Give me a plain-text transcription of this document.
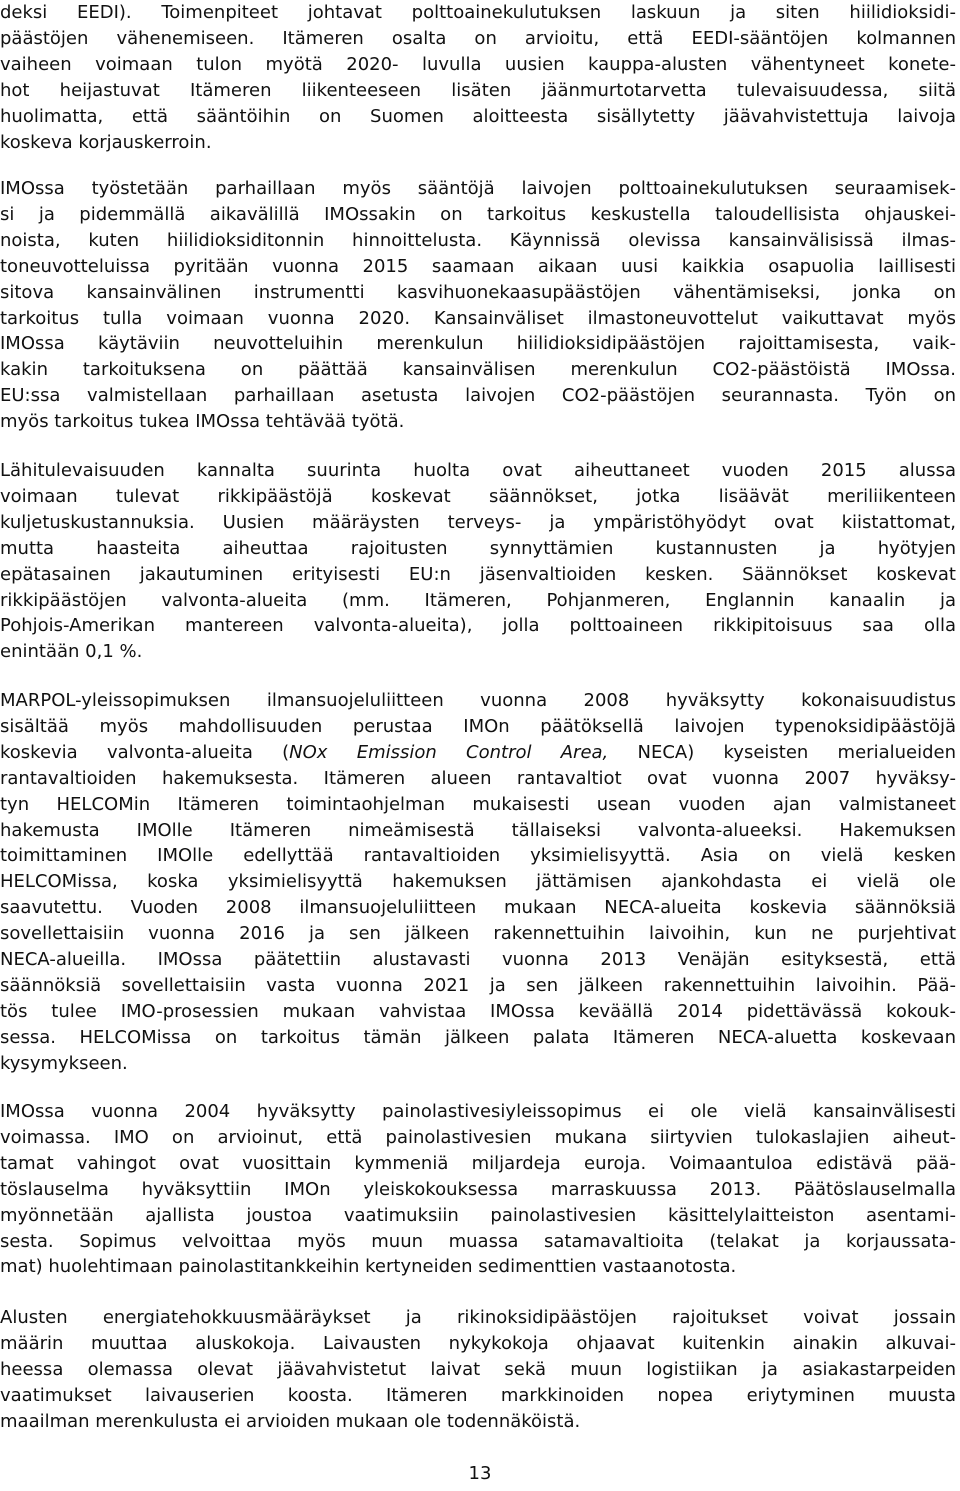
deksi EEDI). Toimenpiteet johtavat polttoainekulutuksen laskuun ja siten hiilidioksidi-
päästöjen vähenemiseen. Itämeren osalta on arvioitu, että EEDI-sääntöjen kolmannen
vaiheen voimaan tulon myötä 2020- luvulla uusien kauppa-alusten vähentyneet konete-
hot heijastuvat Itämeren liikenteeseen lisäten jäänmurtotarvetta tulevaisuudessa, siitä
huolimatta, että sääntöihin on Suomen aloitteesta sisällytetty jäävahvistettuja laivoja
koskeva korjauskerroin.
IMOssa työstetään parhaillaan myös sääntöjä laivojen polttoainekulutuksen seuraamisek-
si ja pidemmällä aikavälillä IMOssakin on tarkoitus keskustella taloudellisista ohjauskei-
noista, kuten hiilidioksiditonnin hinnoittelusta. Käynnissä olevissa kansainvälisissä ilmas-
toneuvotteluissa pyritään vuonna 2015 saamaan aikaan uusi kaikkia osapuolia laillisesti
sitova kansainvälinen instrumentti kasvihuonekaasupäästöjen vähentämiseksi, jonka on
tarkoitus tulla voimaan vuonna 2020. Kansainväliset ilmastoneuvottelut vaikuttavat myös
IMOssa käytäviin neuvotteluihin merenkulun hiilidioksidipäästöjen rajoittamisesta, vaik-
kakin tarkoituksena on päättää kansainvälisen merenkulun CO2-päästöistä IMOssa.
EU:ssa valmistellaan parhaillaan asetusta laivojen CO2-päästöjen seurannasta. Työn on
myös tarkoitus tukea IMOssa tehtävää työtä.
Lähitulevaisuuden kannalta suurinta huolta ovat aiheuttaneet vuoden 2015 alussa
voimaan tulevat rikkipäästöjä koskevat säännökset, jotka lisäävät meriliikenteen
kuljetuskustannuksia. Uusien määräysten terveys- ja ympäristöhyödyt ovat kiistattomat,
mutta haasteita aiheuttaa rajoitusten synnyttämien kustannusten ja hyötyjen
epätasainen jakautuminen erityisesti EU:n jäsenvaltioiden kesken. Säännökset koskevat
rikkipäästöjen valvonta-alueita (mm. Itämeren, Pohjanmeren, Englannin kanaalin ja
Pohjois-Amerikan mantereen valvonta-alueita), jolla polttoaineen rikkipitoisuus saa olla
enintään 0,1 %.
MARPOL-yleissopimuksen ilmansuojeluliitteen vuonna 2008 hyväksytty kokonaisuudistus
sisältää myös mahdollisuuden perustaa IMOn päätöksellä laivojen typenoksidipäästöjä
koskevia valvonta-alueita (NOx Emission Control Area, NECA) kyseisten merialueiden
rantavaltioiden hakemuksesta. Itämeren alueen rantavaltiot ovat vuonna 2007 hyväksy-
tyn HELCOMin Itämeren toimintaohjelman mukaisesti usean vuoden ajan valmistaneet
hakemusta IMOlle Itämeren nimeämisestä tällaiseksi valvonta-alueeksi. Hakemuksen
toimittaminen IMOlle edellyttää rantavaltioiden yksimielisyyttä. Asia on vielä kesken
HELCOMissa, koska yksimielisyyttä hakemuksen jättämisen ajankohdasta ei vielä ole
saavutettu. Vuoden 2008 ilmansuojeluliitteen mukaan NECA-alueita koskevia säännöksiä
sovellettaisiin vuonna 2016 ja sen jälkeen rakennettuihin laivoihin, kun ne purjehtivat
NECA-alueilla. IMOssa päätettiin alustavasti vuonna 2013 Venäjän esityksestä, että
säännöksiä sovellettaisiin vasta vuonna 2021 ja sen jälkeen rakennettuihin laivoihin. Pää-
tös tulee IMO-prosessien mukaan vahvistaa IMOssa keväällä 2014 pidettävässä kokouk-
sessa. HELCOMissa on tarkoitus tämän jälkeen palata Itämeren NECA-aluetta koskevaan
kysymykseen.
IMOssa vuonna 2004 hyväksytty painolastivesiyleissopimus ei ole vielä kansainvälisesti
voimassa. IMO on arvioinut, että painolastivesien mukana siirtyvien tulokaslajien aiheut-
tamat vahingot ovat vuosittain kymmeniä miljardeja euroja. Voimaantuloa edistävä pää-
töslauselma hyväksyttiin IMOn yleiskokouksessa marraskuussa 2013. Päätöslauselmalla
myönnetään ajallista joustoa vaatimuksiin painolastivesien käsittelylaitteiston asentami-
sesta. Sopimus velvoittaa myös muun muassa satamavaltioita (telakat ja korjaussata-
mat) huolehtimaan painolastitankkeihin kertyneiden sedimenttien vastaanotosta.
Alusten energiatehokkuusmääräykset ja rikinoksidipäästöjen rajoitukset voivat jossain
määrin muuttaa aluskokoja. Laivausten nykykokoja ohjaavat kuitenkin ainakin alkuvai-
heessa olemassa olevat jäävahvistetut laivat sekä muun logistiikan ja asiakastarpeiden
vaatimukset laivauserien koosta. Itämeren markkinoiden nopea eriytyminen muusta
maailman merenkulusta ei arvioiden mukaan ole todennäköistä.
13
